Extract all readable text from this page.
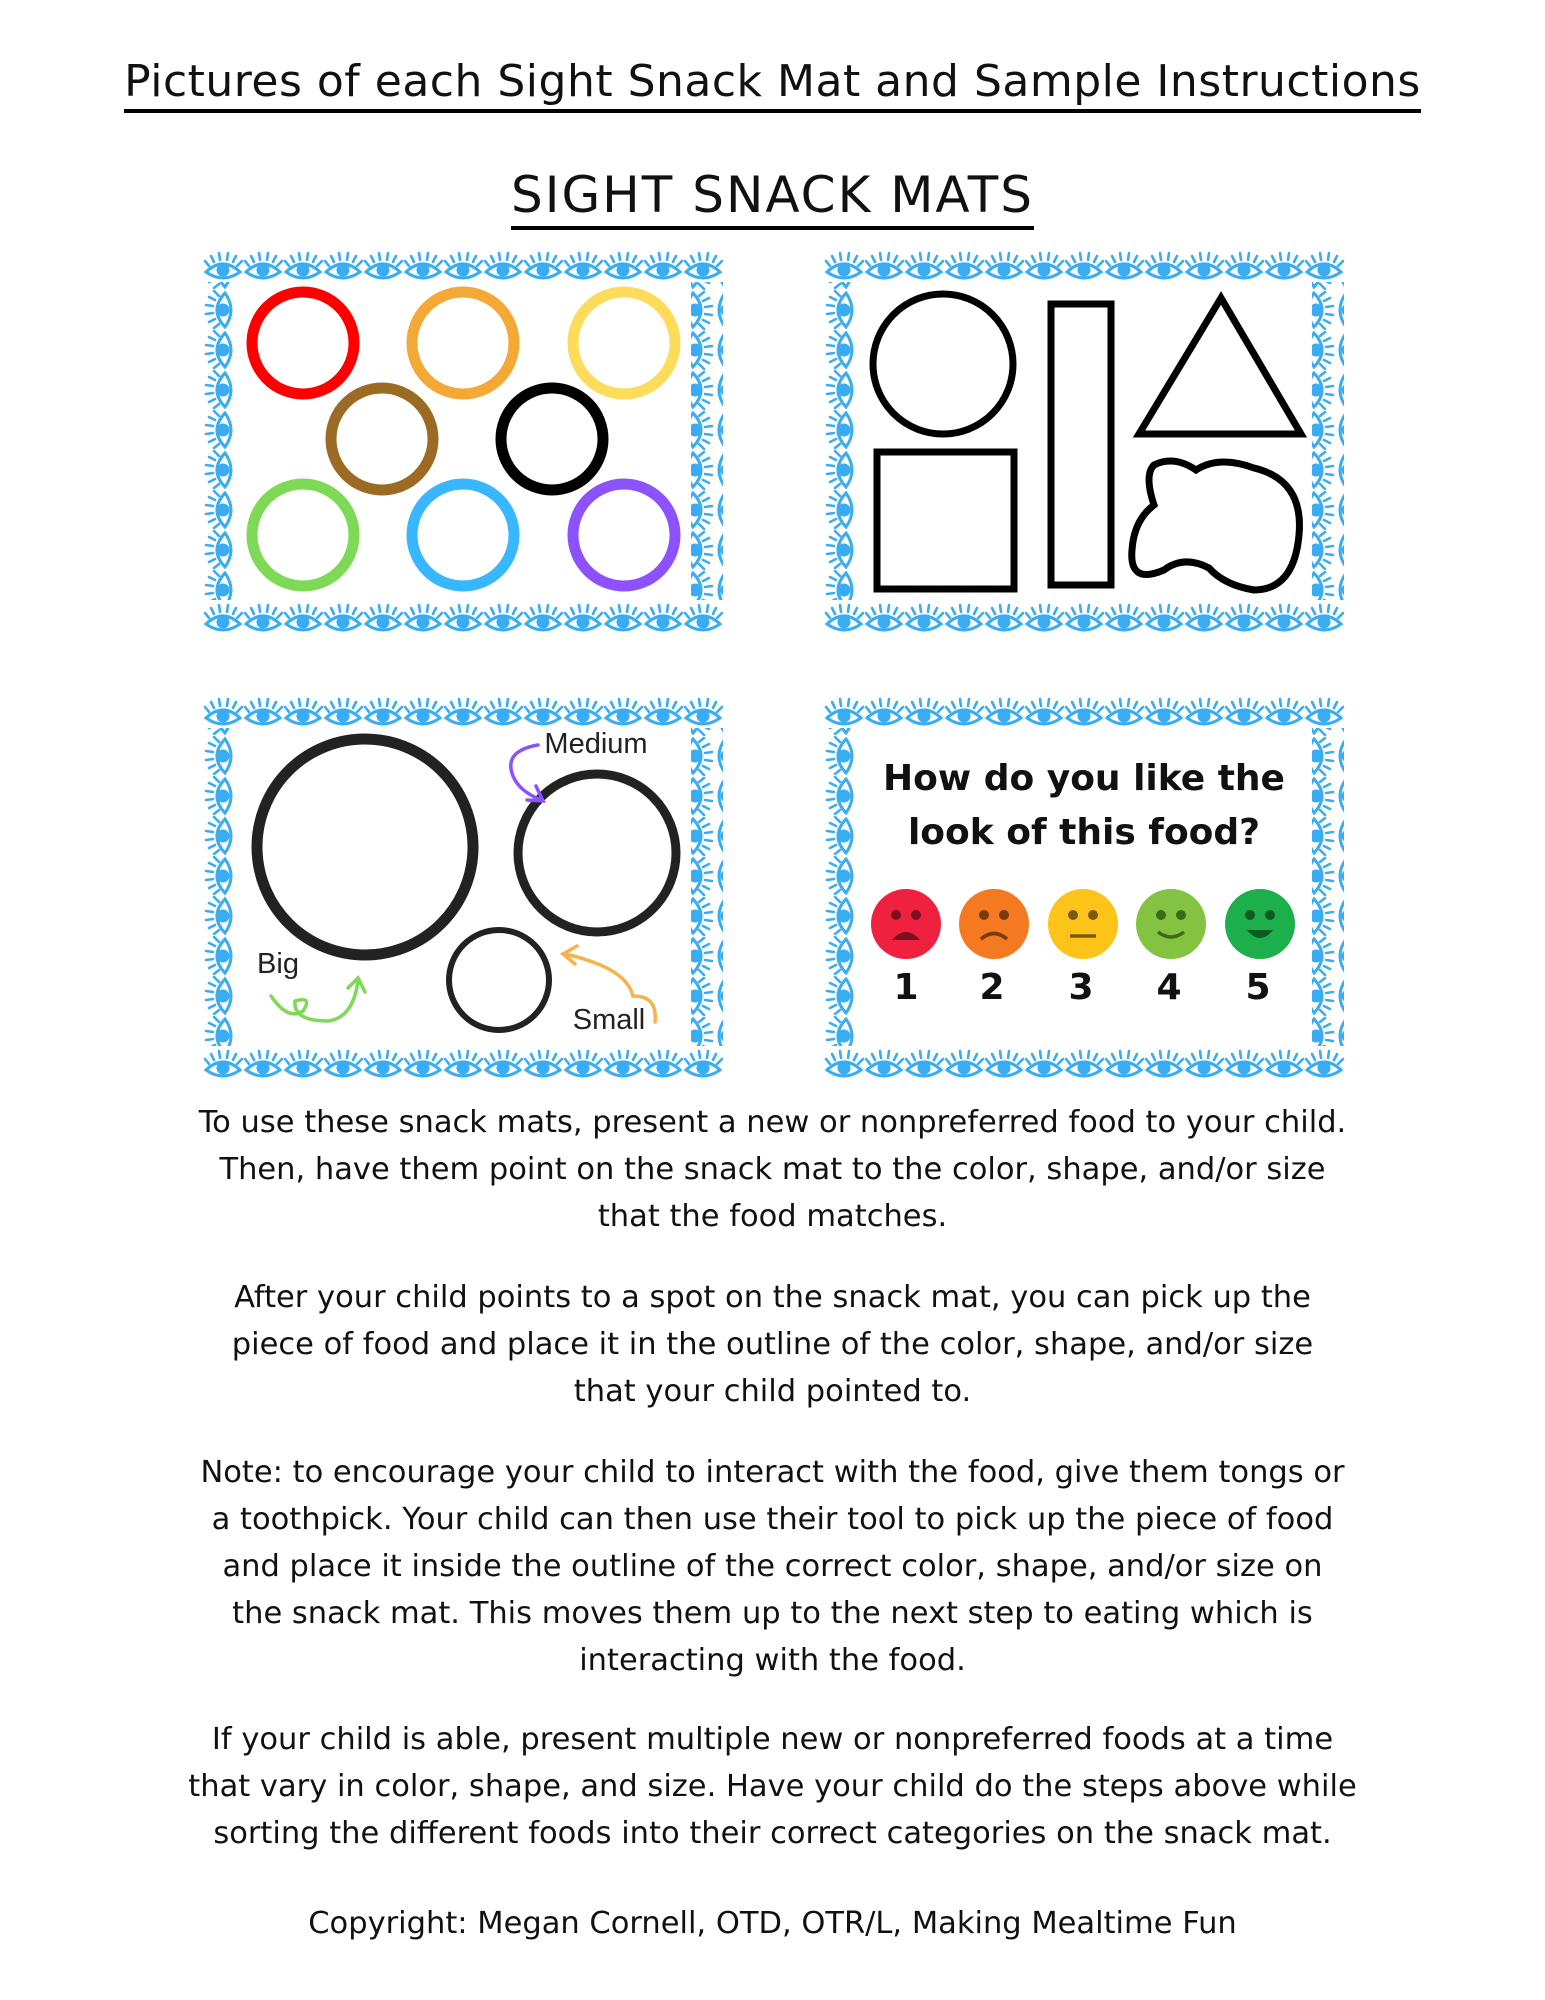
Pictures of each Sight Snack Mat and Sample Instructions
SIGHT SNACK MATS
Medium
Big
Small
How do you like the
look of this food?
1 2 3 4 5
To use these snack mats, present a new or nonpreferred food to your child.
Then, have them point on the snack mat to the color, shape, and/or size
that the food matches.
After your child points to a spot on the snack mat, you can pick up the
piece of food and place it in the outline of the color, shape, and/or size
that your child pointed to.
Note: to encourage your child to interact with the food, give them tongs or
a toothpick. Your child can then use their tool to pick up the piece of food
and place it inside the outline of the correct color, shape, and/or size on
the snack mat. This moves them up to the next step to eating which is
interacting with the food.
If your child is able, present multiple new or nonpreferred foods at a time
that vary in color, shape, and size. Have your child do the steps above while
sorting the different foods into their correct categories on the snack mat.
Copyright: Megan Cornell, OTD, OTR/L, Making Mealtime Fun
